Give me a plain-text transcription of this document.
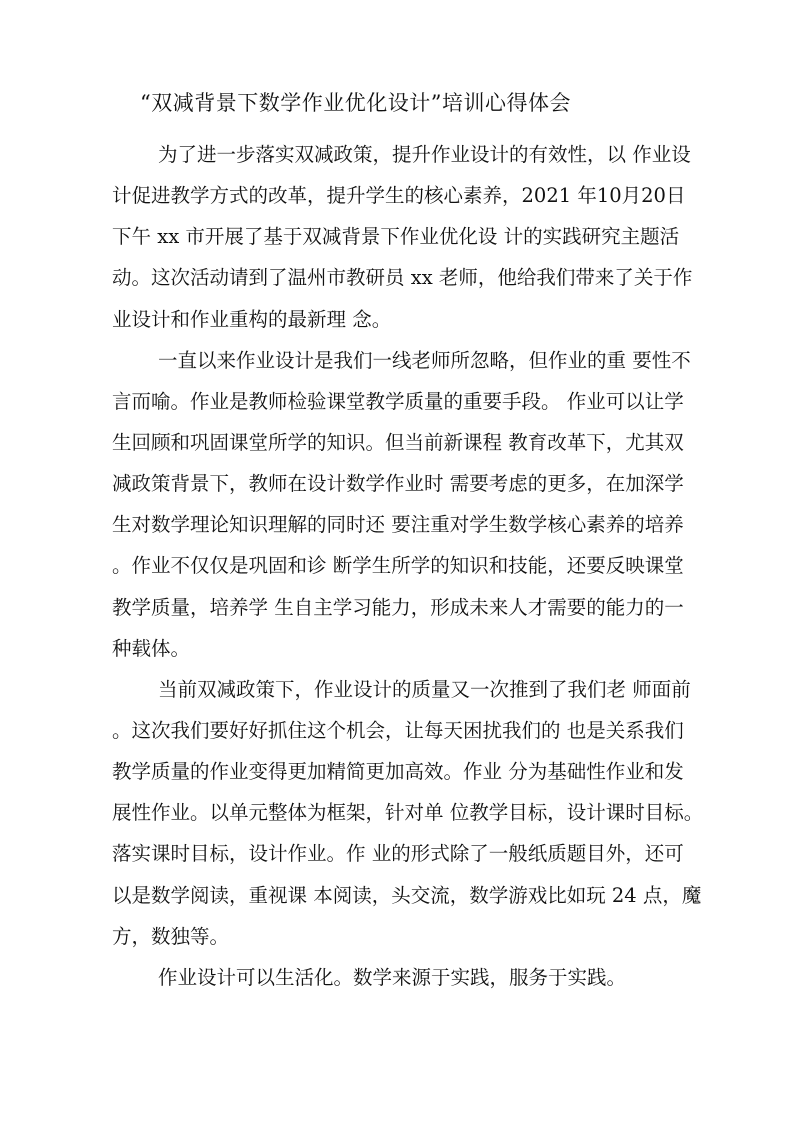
“双减背景下数学作业优化设计”培训心得体会
为了进一步落实双减政策，提升作业设计的有效性，以 作业设
计促进教学方式的改革，提升学生的核心素养，2021 年10月20日
下午 xx 市开展了基于双减背景下作业优化设 计的实践研究主题活
动。这次活动请到了温州市教研员 xx 老师，他给我们带来了关于作
业设计和作业重构的最新理 念。
一直以来作业设计是我们一线老师所忽略，但作业的重 要性不
言而喻。作业是教师检验课堂教学质量的重要手段。 作业可以让学
生回顾和巩固课堂所学的知识。但当前新课程 教育改革下，尤其双
减政策背景下，教师在设计数学作业时 需要考虑的更多，在加深学
生对数学理论知识理解的同时还 要注重对学生数学核心素养的培养
。作业不仅仅是巩固和诊 断学生所学的知识和技能，还要反映课堂
教学质量，培养学 生自主学习能力，形成未来人才需要的能力的一
种载体。
当前双减政策下，作业设计的质量又一次推到了我们老 师面前
。这次我们要好好抓住这个机会，让每天困扰我们的 也是关系我们
教学质量的作业变得更加精简更加高效。作业 分为基础性作业和发
展性作业。以单元整体为框架，针对单 位教学目标，设计课时目标。
落实课时目标，设计作业。作 业的形式除了一般纸质题目外，还可
以是数学阅读，重视课 本阅读，头交流，数学游戏比如玩 24 点，魔
方，数独等。
作业设计可以生活化。数学来源于实践，服务于实践。
